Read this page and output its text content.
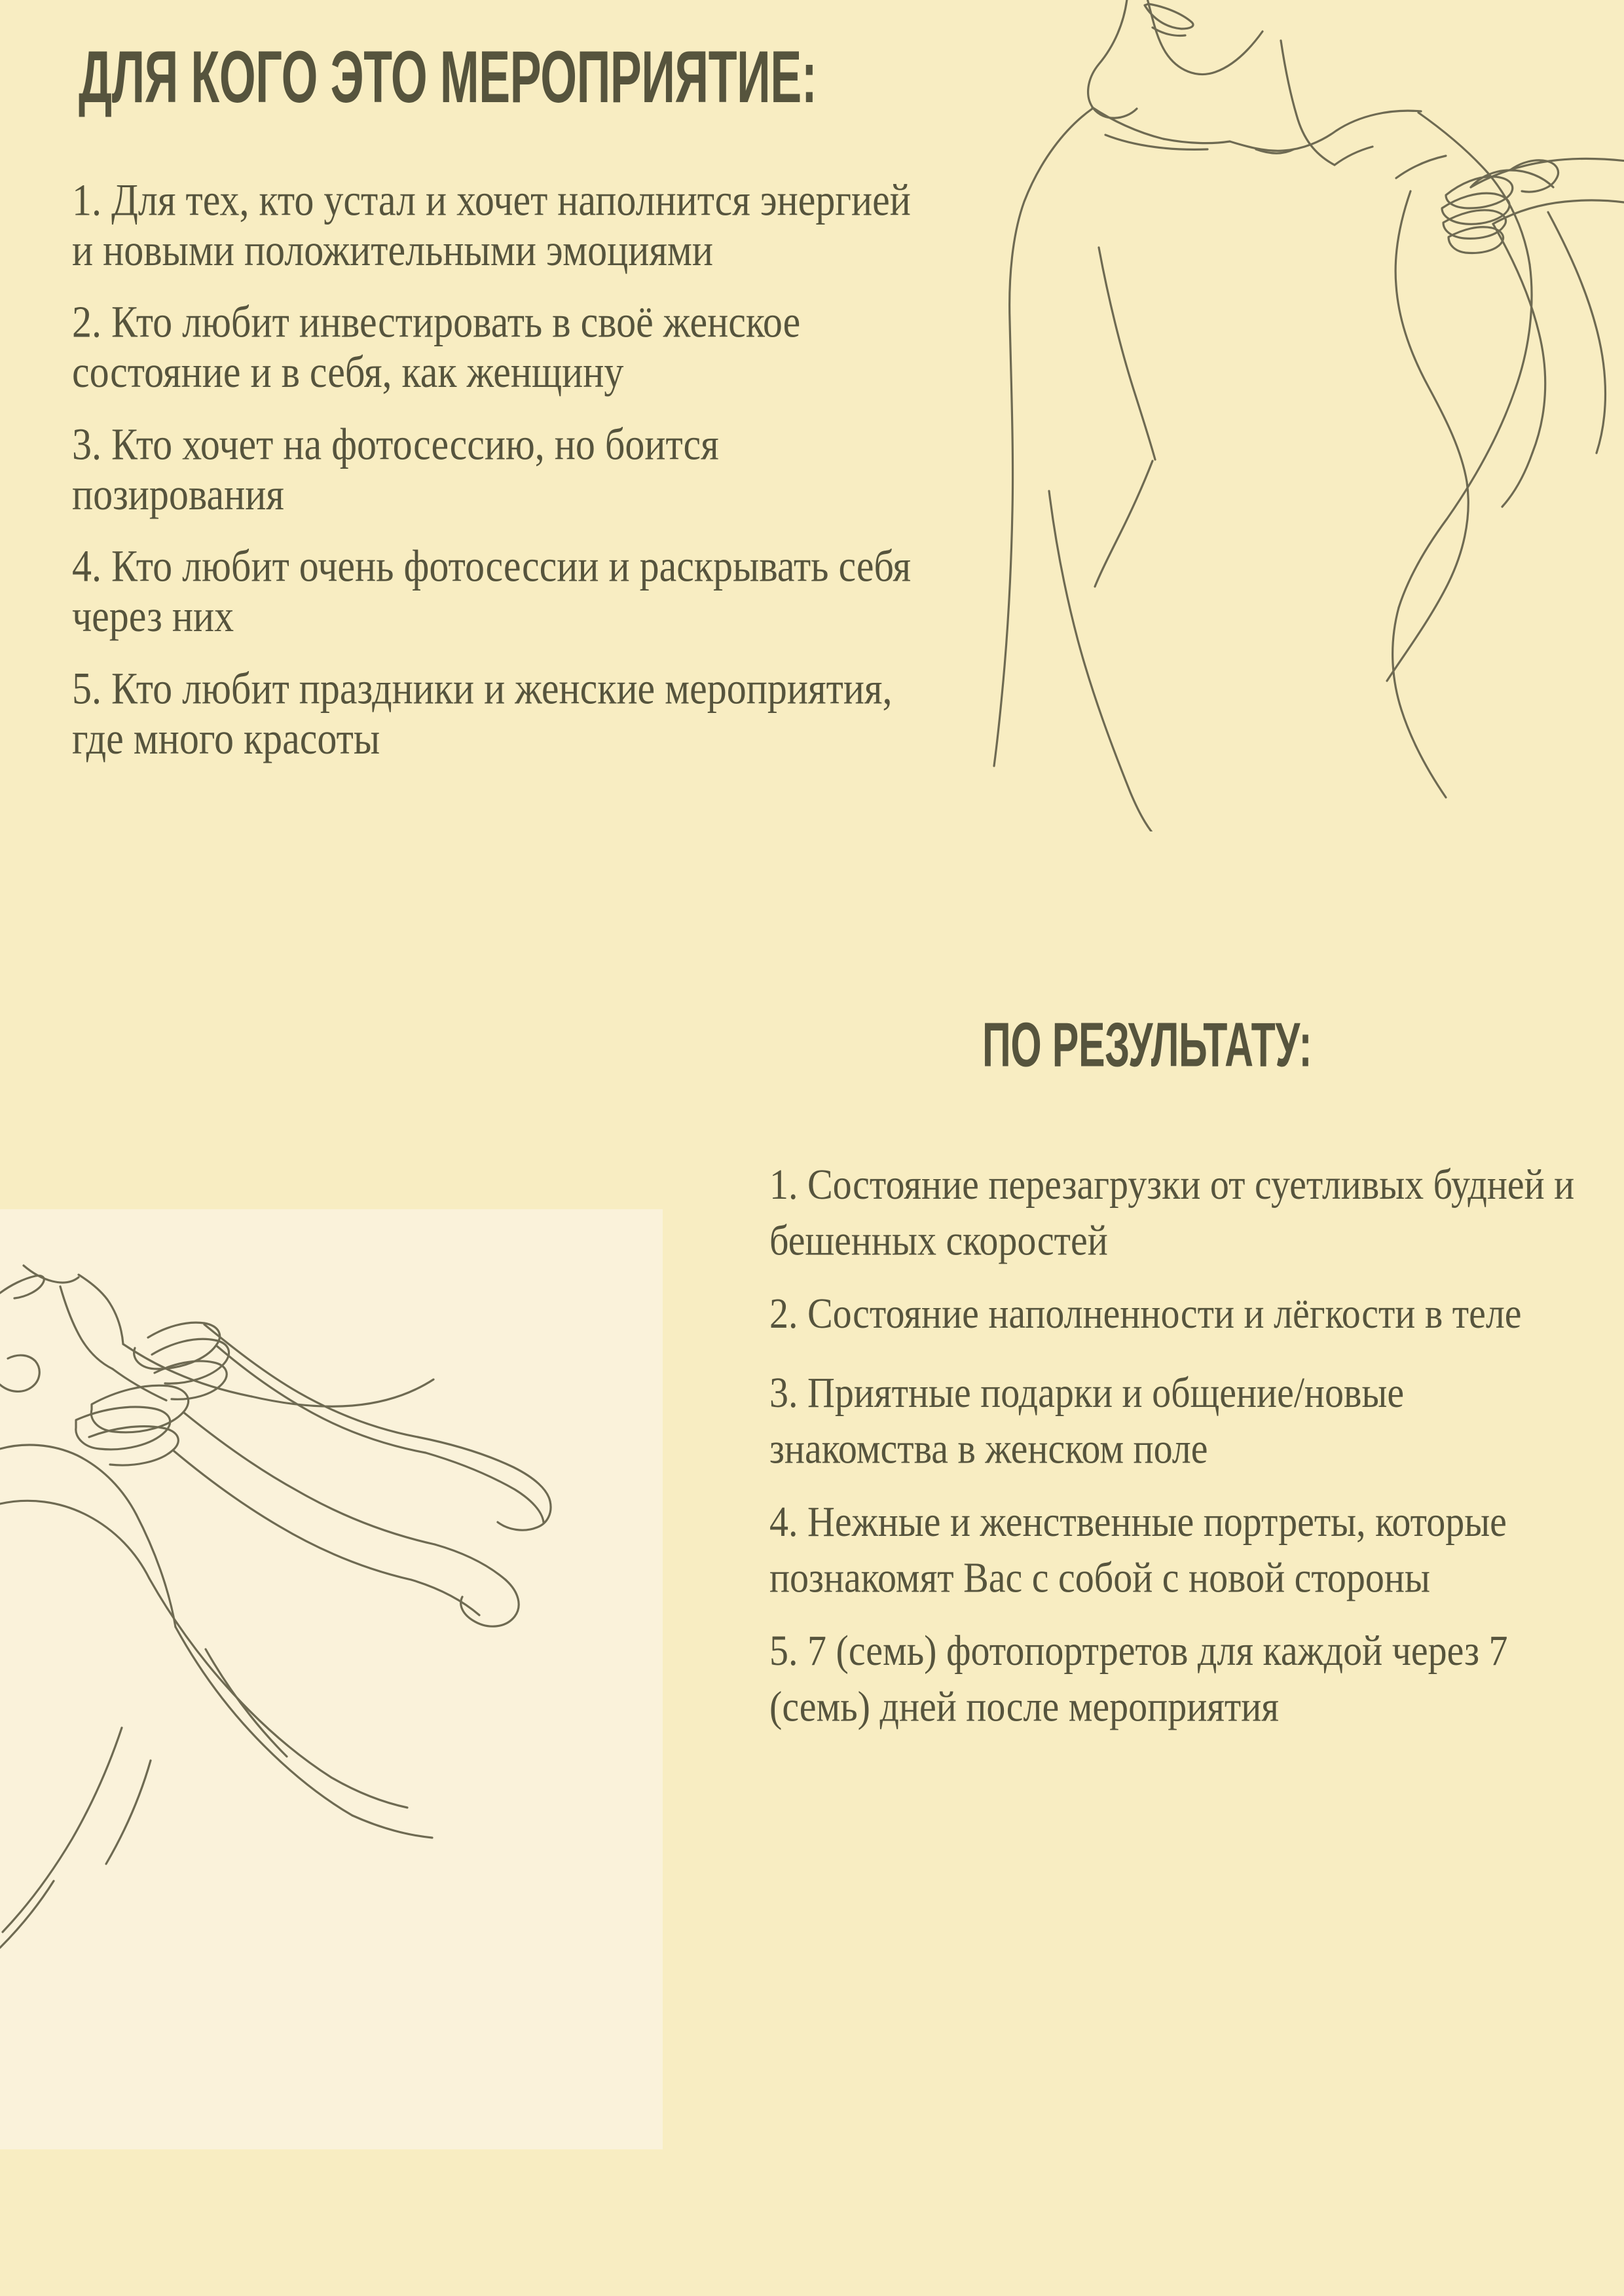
ДЛЯ КОГО ЭТО МЕРОПРИЯТИЕ:

1. Для тех, кто устал и хочет наполнится энергией и новыми положительными эмоциями

2. Кто любит инвестировать в своё женское состояние и в себя, как женщину

3. Кто хочет на фотосессию, но боится позирования

4. Кто любит очень фотосессии и раскрывать себя через них

5. Кто любит праздники и женские мероприятия, где много красоты

ПО РЕЗУЛЬТАТУ:

1. Состояние перезагрузки от суетливых будней и бешенных скоростей

2. Состояние наполненности и лёгкости в теле

3. Приятные подарки и общение/новые знакомства в женском поле

4. Нежные и женственные портреты, которые познакомят Вас с собой с новой стороны

5. 7 (семь) фотопортретов для каждой через 7 (семь) дней после мероприятия
